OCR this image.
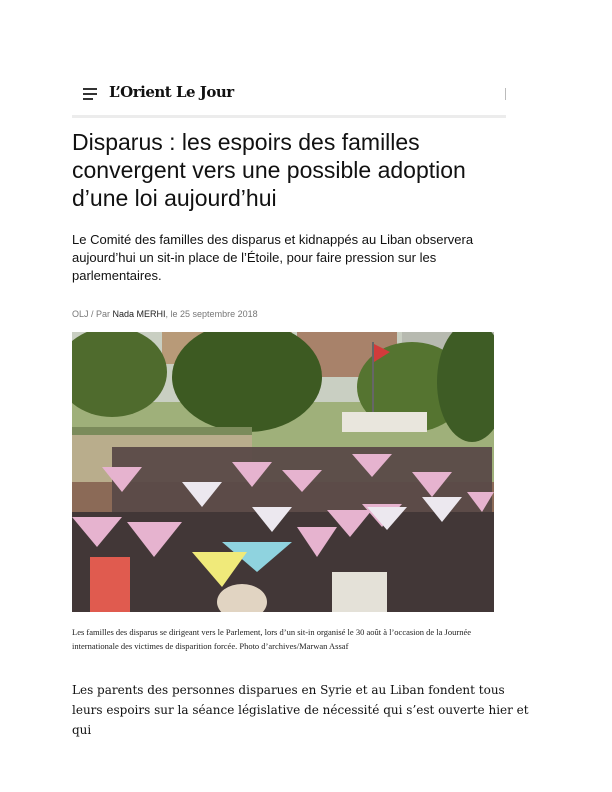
L’Orient Le Jour
Disparus : les espoirs des familles convergent vers une possible adoption d’une loi aujourd’hui

Le Comité des familles des disparus et kidnappés au Liban observera aujourd’hui un sit-in place de l’Étoile, pour faire pression sur les parlementaires.

OLJ / Par Nada MERHI, le 25 septembre 2018

Les familles des disparus se dirigeant vers le Parlement, lors d’un sit-in organisé le 30 août à l’occasion de la Journée internationale des victimes de disparition forcée. Photo d’archives/Marwan Assaf

Les parents des personnes disparues en Syrie et au Liban fondent tous leurs espoirs sur la séance législative de nécessité qui s’est ouverte hier et qui
